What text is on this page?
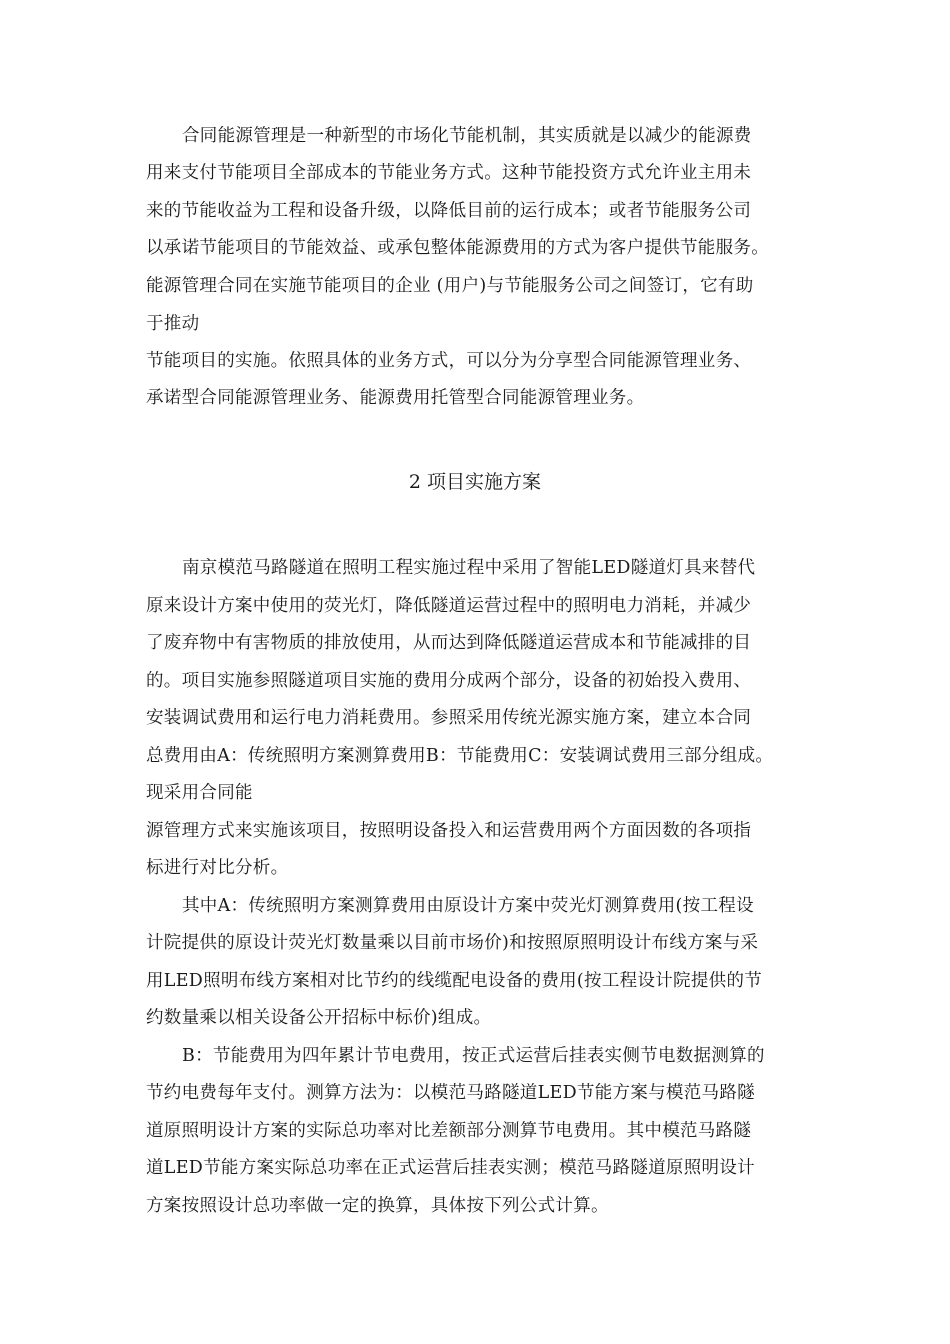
合同能源管理是一种新型的市场化节能机制，其实质就是以减少的能源费
用来支付节能项目全部成本的节能业务方式。这种节能投资方式允许业主用未
来的节能收益为工程和设备升级，以降低目前的运行成本；或者节能服务公司
以承诺节能项目的节能效益、或承包整体能源费用的方式为客户提供节能服务。
能源管理合同在实施节能项目的企业 (用户)与节能服务公司之间签订，它有助
于推动
节能项目的实施。依照具体的业务方式，可以分为分享型合同能源管理业务、
承诺型合同能源管理业务、能源费用托管型合同能源管理业务。
2 项目实施方案
南京模范马路隧道在照明工程实施过程中采用了智能LED隧道灯具来替代
原来设计方案中使用的荧光灯，降低隧道运营过程中的照明电力消耗，并减少
了废弃物中有害物质的排放使用，从而达到降低隧道运营成本和节能减排的目
的。项目实施参照隧道项目实施的费用分成两个部分，设备的初始投入费用、
安装调试费用和运行电力消耗费用。参照采用传统光源实施方案，建立本合同
总费用由A：传统照明方案测算费用B：节能费用C：安装调试费用三部分组成。
现采用合同能
源管理方式来实施该项目，按照明设备投入和运营费用两个方面因数的各项指
标进行对比分析。
其中A：传统照明方案测算费用由原设计方案中荧光灯测算费用(按工程设
计院提供的原设计荧光灯数量乘以目前市场价)和按照原照明设计布线方案与采
用LED照明布线方案相对比节约的线缆配电设备的费用(按工程设计院提供的节
约数量乘以相关设备公开招标中标价)组成。
B：节能费用为四年累计节电费用，按正式运营后挂表实侧节电数据测算的
节约电费每年支付。测算方法为：以模范马路隧道LED节能方案与模范马路隧
道原照明设计方案的实际总功率对比差额部分测算节电费用。其中模范马路隧
道LED节能方案实际总功率在正式运营后挂表实测；模范马路隧道原照明设计
方案按照设计总功率做一定的换算，具体按下列公式计算。
